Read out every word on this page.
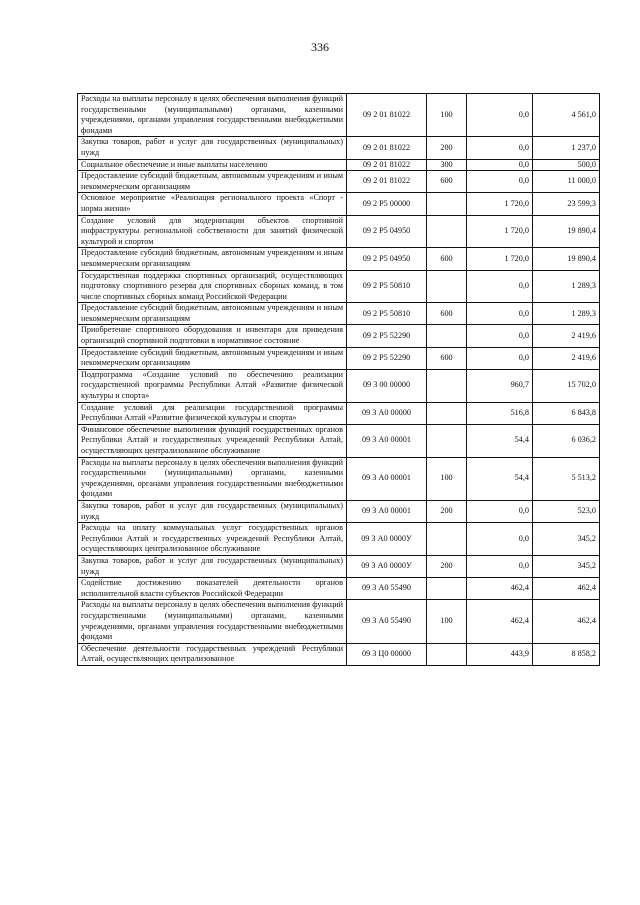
336
Расходы на выплаты персоналу в целях обеспечения выполнения функций государственными (муниципальными) органами, казенными учреждениями, органами управления государственными внебюджетными фондами	09 2 01 81022	100	0,0	4 561,0
Закупка товаров, работ и услуг для государственных (муниципальных) нужд	09 2 01 81022	200	0,0	1 237,0
Социальное обеспечение и иные выплаты населению	09 2 01 81022	300	0,0	500,0
Предоставление субсидий бюджетным, автономным учреждениям и иным некоммерческим организациям	09 2 01 81022	600	0,0	11 000,0
Основное мероприятие «Реализация регионального проекта «Спорт - норма жизни»	09 2 P5 00000		1 720,0	23 599,3
Создание условий для модернизации объектов спортивной инфраструктуры региональной собственности для занятий физической культурой и спортом	09 2 P5 04950		1 720,0	19 890,4
Предоставление субсидий бюджетным, автономным учреждениям и иным некоммерческим организациям	09 2 P5 04950	600	1 720,0	19 890,4
Государственная поддержка спортивных организаций, осуществляющих подготовку спортивного резерва для спортивных сборных команд, в том числе спортивных сборных команд Российской Федерации	09 2 P5 50810		0,0	1 289,3
Предоставление субсидий бюджетным, автономным учреждениям и иным некоммерческим организациям	09 2 P5 50810	600	0,0	1 289,3
Приобретение спортивного оборудования и инвентаря для приведения организаций спортивной подготовки в нормативное состояние	09 2 P5 52290		0,0	2 419,6
Предоставление субсидий бюджетным, автономным учреждениям и иным некоммерческим организациям	09 2 P5 52290	600	0,0	2 419,6
Подпрограмма «Создание условий по обеспечению реализации государственной программы Республики Алтай «Развитие физической культуры и спорта»	09 3 00 00000		960,7	15 702,0
Создание условий для реализации государственной программы Республики Алтай «Развитие физической культуры и спорта»	09 3 А0 00000		516,8	6 843,8
Финансовое обеспечение выполнения функций государственных органов Республики Алтай и государственных учреждений Республики Алтай, осуществляющих централизованное обслуживание	09 3 А0 00001		54,4	6 036,2
Расходы на выплаты персоналу в целях обеспечения выполнения функций государственными (муниципальными) органами, казенными учреждениями, органами управления государственными внебюджетными фондами	09 3 А0 00001	100	54,4	5 513,2
Закупка товаров, работ и услуг для государственных (муниципальных) нужд	09 3 А0 00001	200	0,0	523,0
Расходы на оплату коммунальных услуг государственных органов Республики Алтай и государственных учреждений Республики Алтай, осуществляющих централизованное обслуживание	09 3 А0 0000У		0,0	345,2
Закупка товаров, работ и услуг для государственных (муниципальных) нужд	09 3 А0 0000У	200	0,0	345,2
Содействие достижению показателей деятельности органов исполнительной власти субъектов Российской Федерации	09 3 А0 55490		462,4	462,4
Расходы на выплаты персоналу в целях обеспечения выполнения функций государственными (муниципальными) органами, казенными учреждениями, органами управления государственными внебюджетными фондами	09 3 А0 55490	100	462,4	462,4
Обеспечение деятельности государственных учреждений Республики Алтай, осуществляющих централизованное	09 3 Ц0 00000		443,9	8 858,2
